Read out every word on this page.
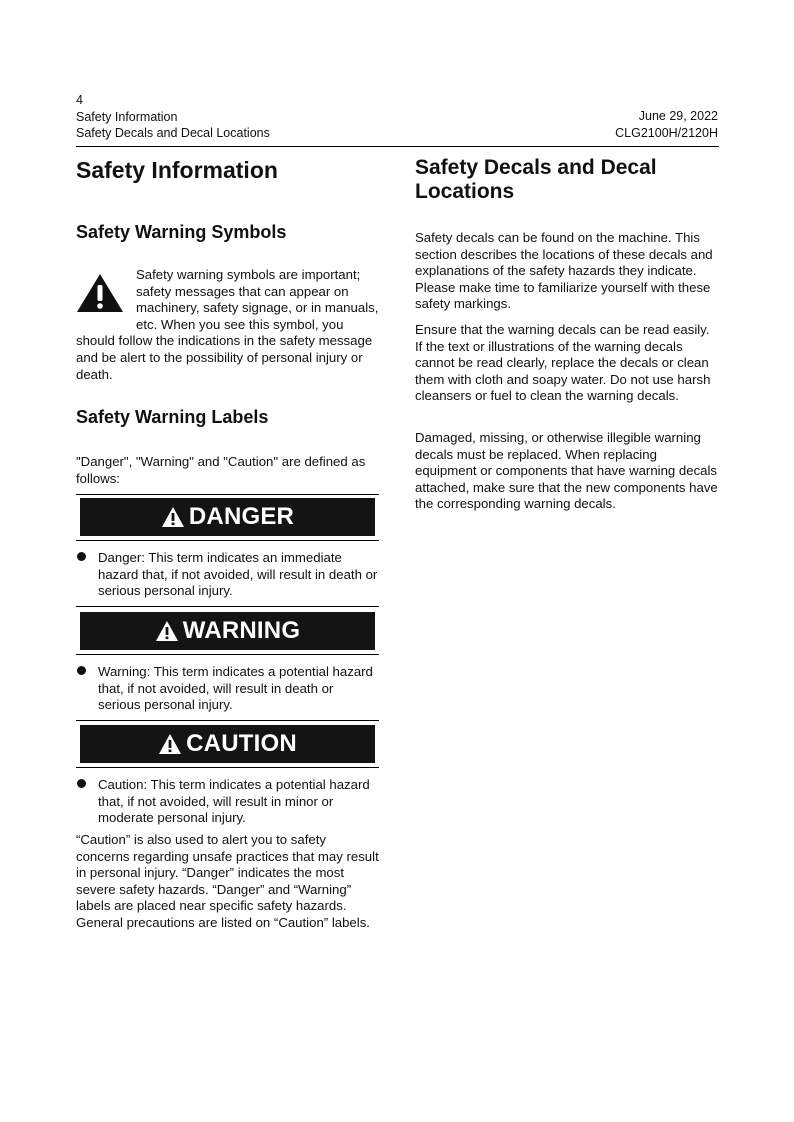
4
Safety Information
Safety Decals and Decal Locations
June 29, 2022
CLG2100H/2120H
Safety Information
Safety Warning Symbols

Safety warning symbols are important; safety messages that can appear on machinery, safety signage, or in manuals, etc. When you see this symbol, you should follow the indications in the safety message and be alert to the possibility of personal injury or death.

Safety Warning Labels

"Danger", "Warning" and "Caution" are defined as follows:

DANGER

Danger: This term indicates an immediate hazard that, if not avoided, will result in death or serious personal injury.

WARNING

Warning: This term indicates a potential hazard that, if not avoided, will result in death or serious personal injury.

CAUTION

Caution: This term indicates a potential hazard that, if not avoided, will result in minor or moderate personal injury.

“Caution” is also used to alert you to safety concerns regarding unsafe practices that may result in personal injury. “Danger” indicates the most severe safety hazards. “Danger” and “Warning” labels are placed near specific safety hazards. General precautions are listed on “Caution” labels.

Safety Decals and Decal Locations

Safety decals can be found on the machine. This section describes the locations of these decals and explanations of the safety hazards they indicate. Please make time to familiarize yourself with these safety markings.

Ensure that the warning decals can be read easily. If the text or illustrations of the warning decals cannot be read clearly, replace the decals or clean them with cloth and soapy water. Do not use harsh cleansers or fuel to clean the warning decals.

Damaged, missing, or otherwise illegible warning decals must be replaced. When replacing equipment or components that have warning decals attached, make sure that the new components have the corresponding warning decals.
